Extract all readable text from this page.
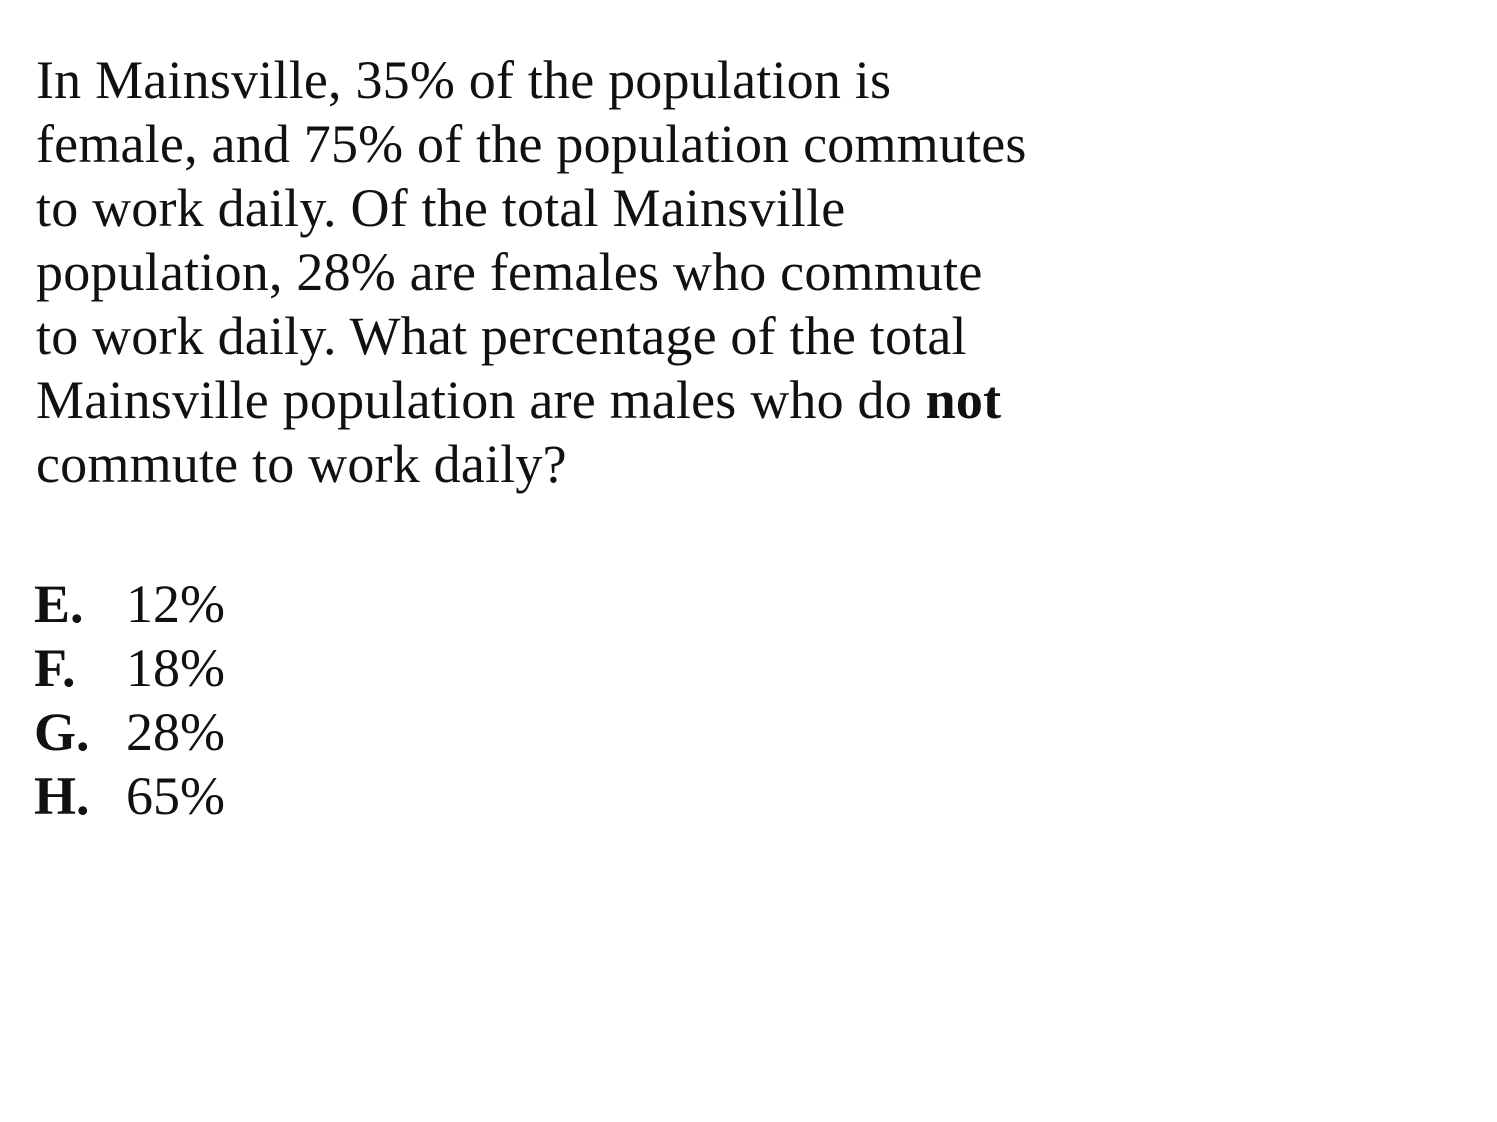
In Mainsville, 35% of the population is
female, and 75% of the population commutes
to work daily. Of the total Mainsville
population, 28% are females who commute
to work daily. What percentage of the total
Mainsville population are males who do not
commute to work daily?
E. 12%
F. 18%
G. 28%
H. 65%
